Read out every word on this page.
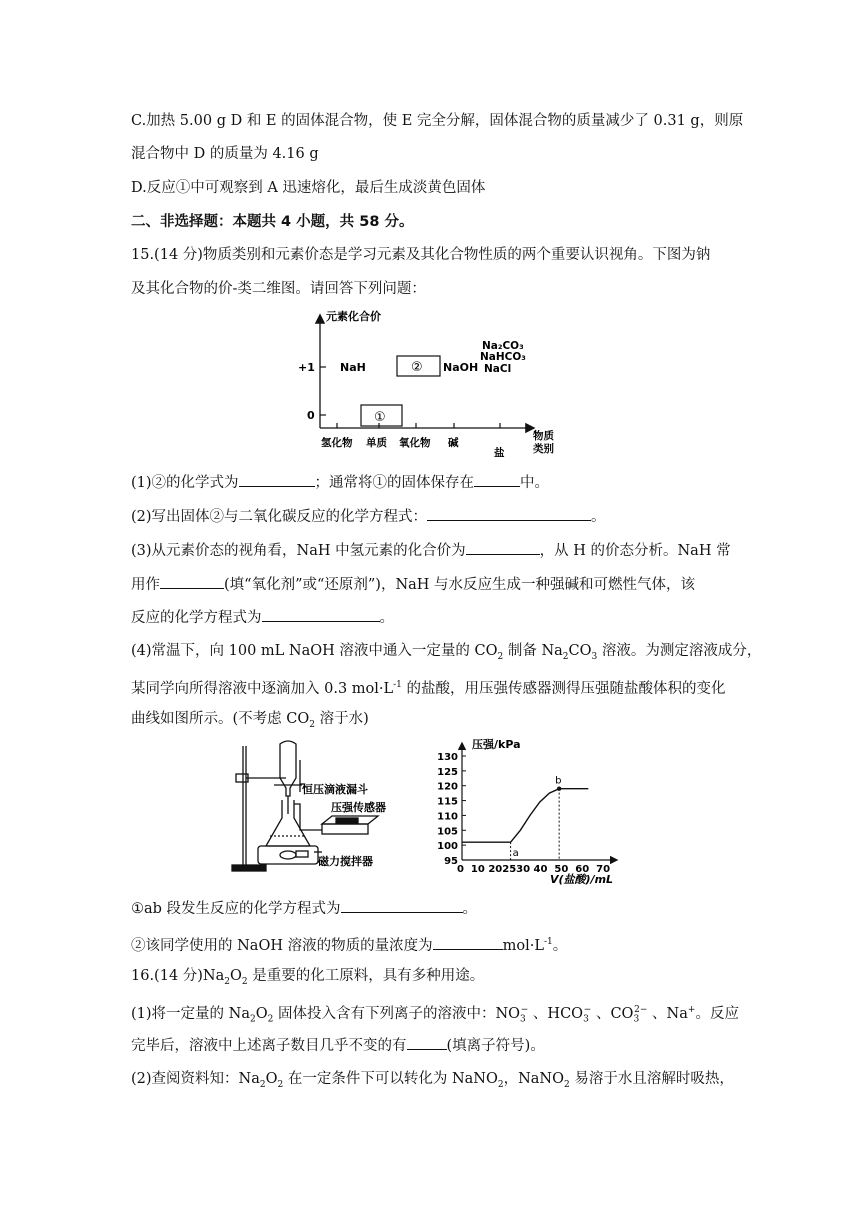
C.加热 5.00 g D 和 E 的固体混合物，使 E 完全分解，固体混合物的质量减少了 0.31 g，则原
混合物中 D 的质量为 4.16 g
D.反应①中可观察到 A 迅速熔化，最后生成淡黄色固体
二、非选择题：本题共 4 小题，共 58 分。
15.(14 分)物质类别和元素价态是学习元素及其化合物性质的两个重要认识视角。下图为钠
及其化合物的价-类二维图。请回答下列问题：
元素化合价
+1
0
NaH	②
①
NaOH
Na₂CO₃
NaHCO₃
NaCl
氢化物 单质 氧化物 碱
盐
物质
类别
(1)②的化学式为	；通常将①的固体保存在	中。
(2)写出固体②与二氧化碳反应的化学方程式：	。
(3)从元素价态的视角看，NaH 中氢元素的化合价为	，从 H 的价态分析。NaH 常
用作	(填“氧化剂”或“还原剂”)，NaH 与水反应生成一种强碱和可燃性气体，该
反应的化学方程式为	。
(4)常温下，向 100 mL NaOH 溶液中通入一定量的 $CO_2$ 制备 $Na_2CO_3$ 溶液。为测定溶液成分，
某同学向所得溶液中逐滴加入 0.3 $mol\cdot L^{-1}$ 的盐酸，用压强传感器测得压强随盐酸体积的变化
曲线如图所示。(不考虑 $CO_2$ 溶于水)
恒压滴液漏斗
压强传感器
磁力搅拌器	95
100
105
110
115
120
125
130
a
b
压强/kPa
V(盐酸)/mL
0  10 202530 40  50  60  70
①ab 段发生反应的化学方程式为	。
②该同学使用的 NaOH 溶液的物质的量浓度为	$mol\cdot L^{-1}$。
16.(14 分)$Na_2O_2$ 是重要的化工原料，具有多种用途。
(1)将一定量的 $Na_2O_2$ 固体投入含有下列离子的溶液中：$NO_3^-$ 、$HCO_3^-$ 、$CO_3^{2-}$ 、Na+。反应
完毕后，溶液中上述离子数目几乎不变的有	(填离子符号)。
(2)查阅资料知：$Na_2O_2$ 在一定条件下可以转化为 NaNO$_2$，NaNO$_2$ 易溶于水且溶解时吸热，
